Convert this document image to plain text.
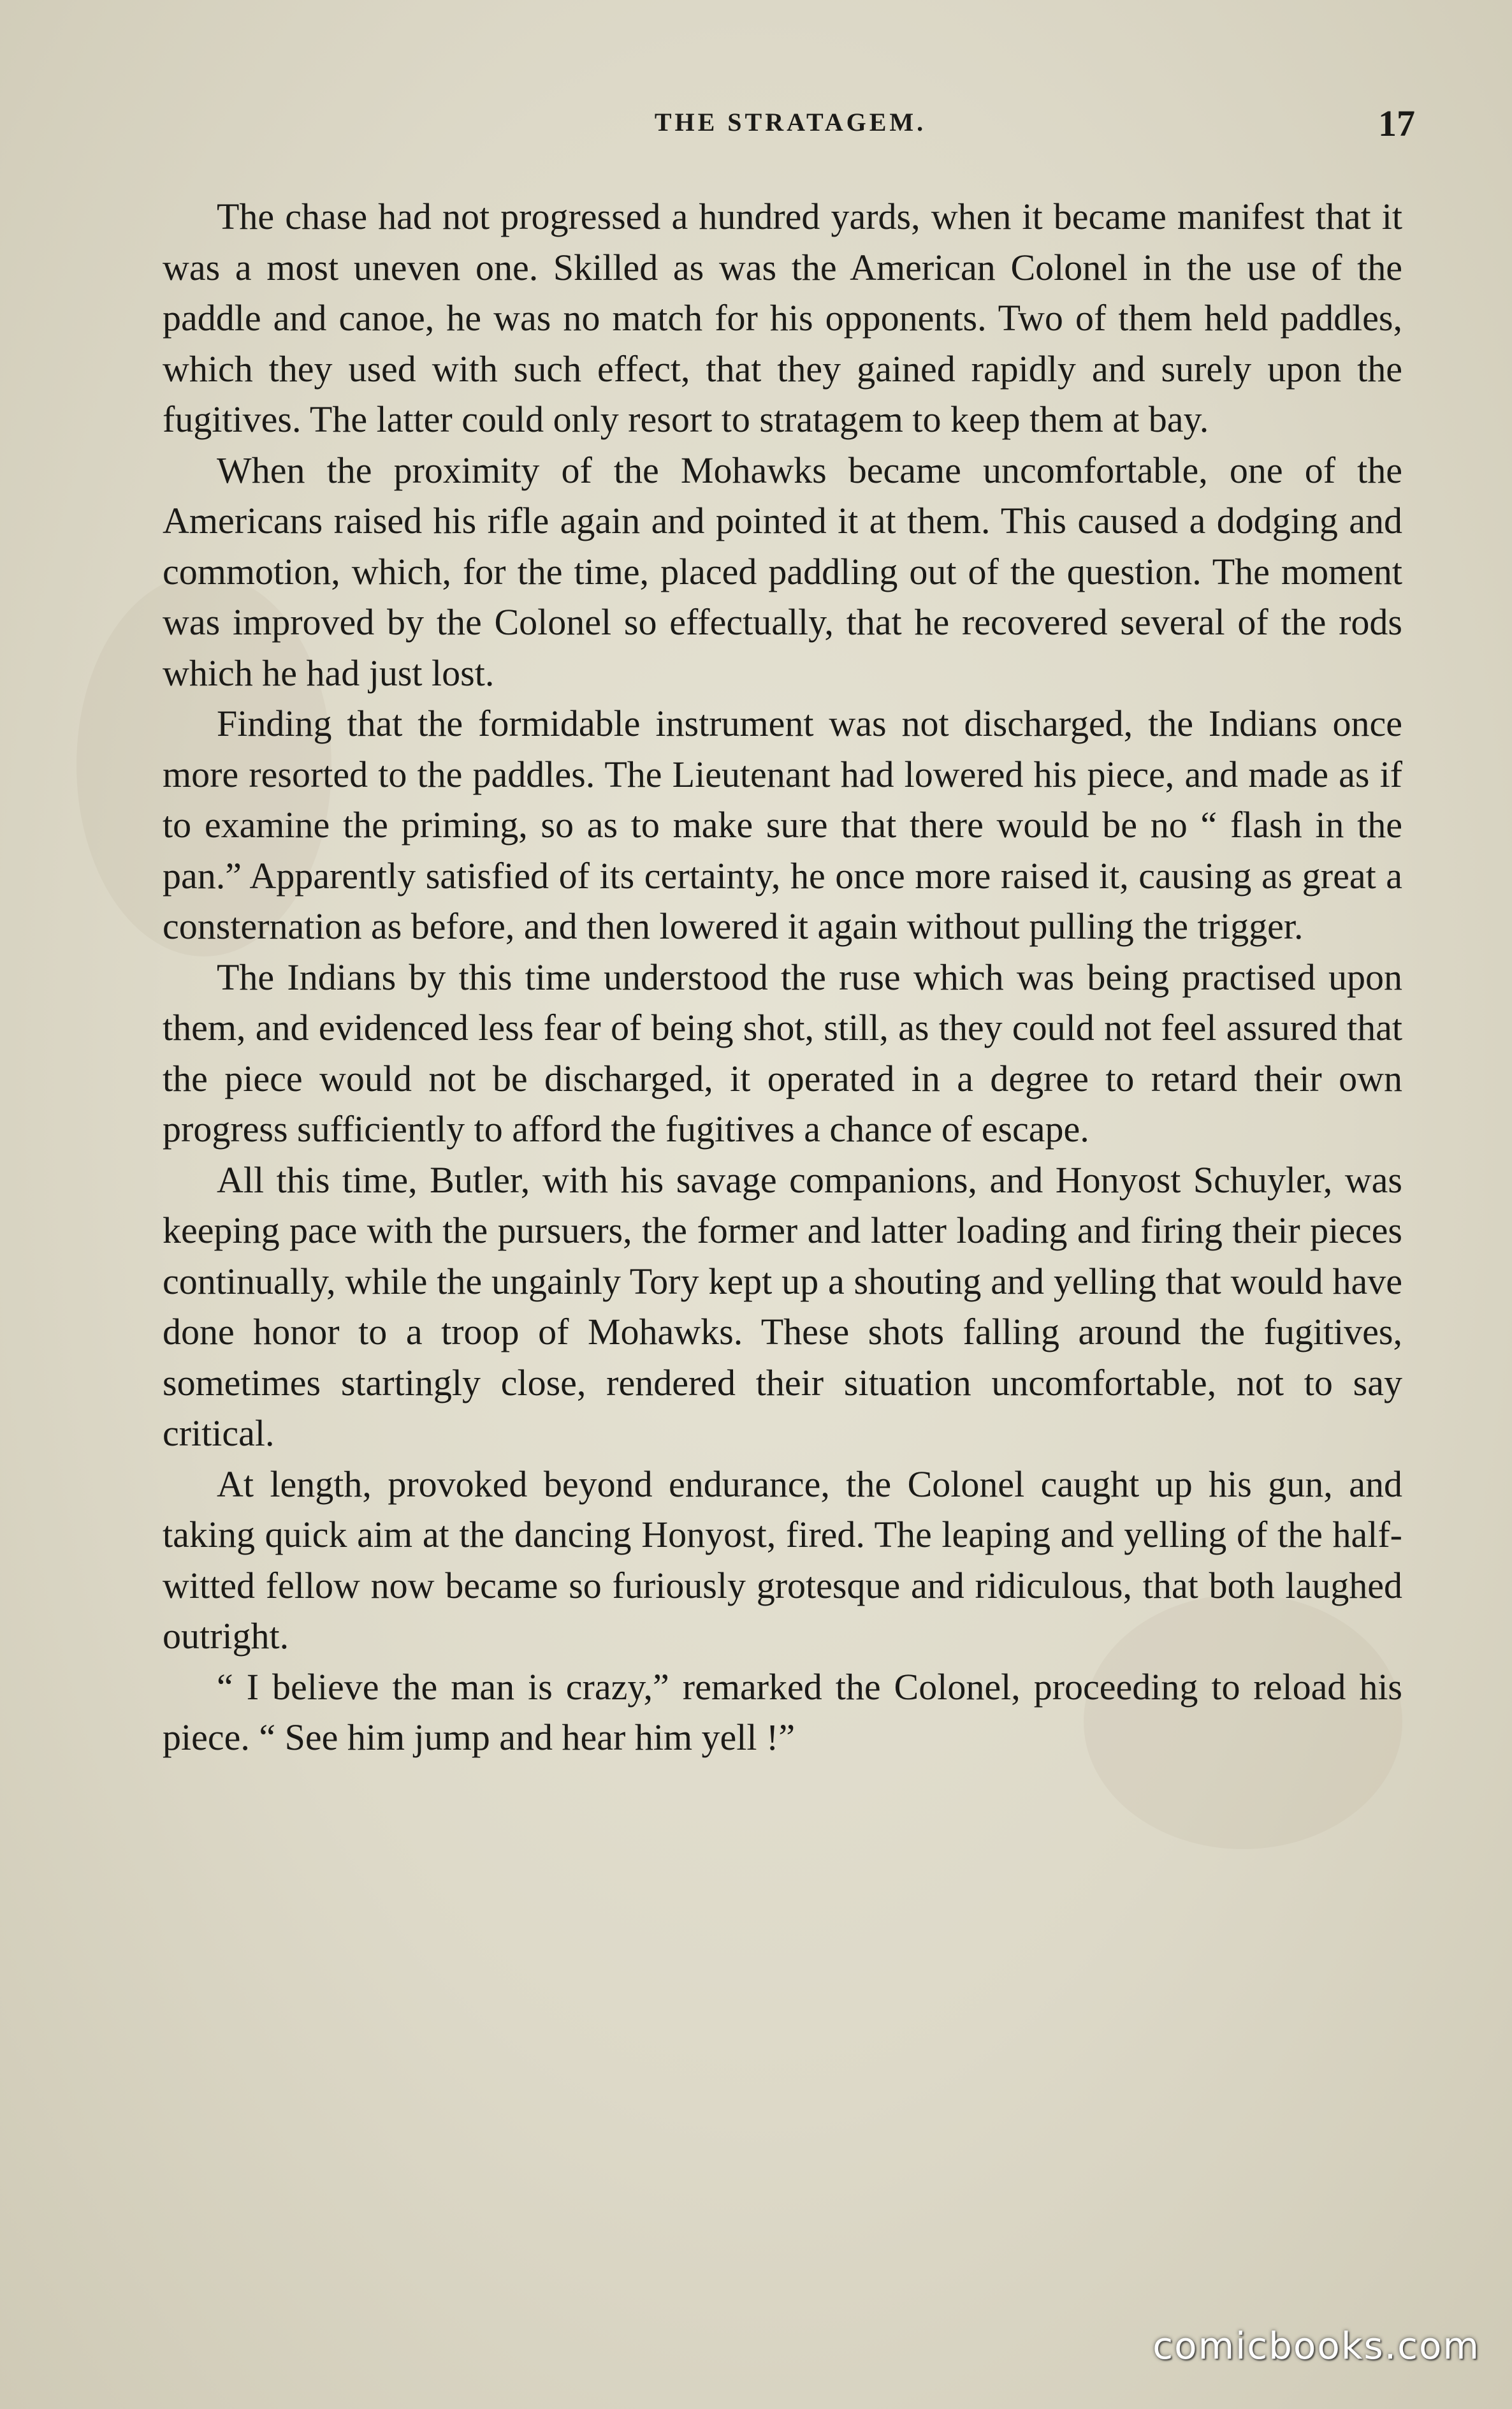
THE STRATAGEM.	17

The chase had not progressed a hundred yards, when it became manifest that it was a most uneven one. Skilled as was the American Colonel in the use of the paddle and canoe, he was no match for his opponents. Two of them held paddles, which they used with such effect, that they gained rapidly and surely upon the fugitives. The latter could only resort to stratagem to keep them at bay.

When the proximity of the Mohawks became uncomfortable, one of the Americans raised his rifle again and pointed it at them. This caused a dodging and commotion, which, for the time, placed paddling out of the question. The moment was improved by the Colonel so effectually, that he recovered several of the rods which he had just lost.

Finding that the formidable instrument was not discharged, the Indians once more resorted to the paddles. The Lieutenant had lowered his piece, and made as if to examine the priming, so as to make sure that there would be no “ flash in the pan.” Apparently satisfied of its certainty, he once more raised it, causing as great a consternation as before, and then lowered it again without pulling the trigger.

The Indians by this time understood the ruse which was being practised upon them, and evidenced less fear of being shot, still, as they could not feel assured that the piece would not be discharged, it operated in a degree to retard their own progress sufficiently to afford the fugitives a chance of escape.

All this time, Butler, with his savage companions, and Honyost Schuyler, was keeping pace with the pursuers, the former and latter loading and firing their pieces continually, while the ungainly Tory kept up a shouting and yelling that would have done honor to a troop of Mohawks. These shots falling around the fugitives, sometimes startingly close, rendered their situation uncomfortable, not to say critical.

At length, provoked beyond endurance, the Colonel caught up his gun, and taking quick aim at the dancing Honyost, fired. The leaping and yelling of the half-witted fellow now became so furiously grotesque and ridiculous, that both laughed outright.

“ I believe the man is crazy,” remarked the Colonel, proceeding to reload his piece. “ See him jump and hear him yell !”

comicbooks.com
